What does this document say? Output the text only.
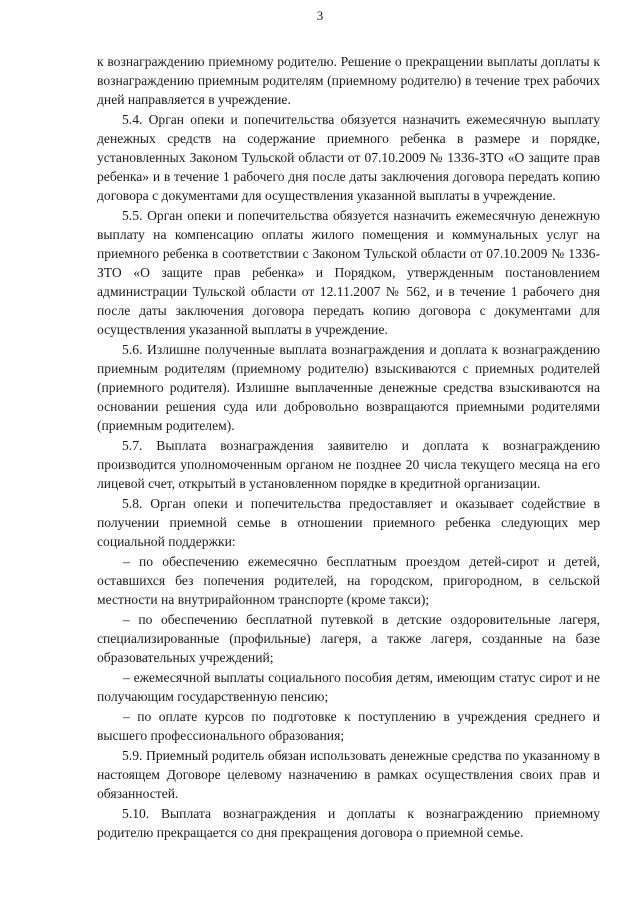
3

к вознаграждению приемному родителю. Решение о прекращении выплаты доплаты к вознаграждению приемным родителям (приемному родителю) в течение трех рабочих дней направляется в учреждение.

5.4. Орган опеки и попечительства обязуется назначить ежемесячную выплату денежных средств на содержание приемного ребенка в размере и порядке, установленных Законом Тульской области от 07.10.2009 № 1336-ЗТО «О защите прав ребенка» и в течение 1 рабочего дня после даты заключения договора передать копию договора с документами для осуществления указанной выплаты в учреждение.

5.5. Орган опеки и попечительства обязуется назначить ежемесячную денежную выплату на компенсацию оплаты жилого помещения и коммунальных услуг на приемного ребенка в соответствии с Законом Тульской области от 07.10.2009 № 1336-ЗТО «О защите прав ребенка» и Порядком, утвержденным постановлением администрации Тульской области от 12.11.2007 № 562, и в течение 1 рабочего дня после даты заключения договора передать копию договора с документами для осуществления указанной выплаты в учреждение.

5.6. Излишне полученные выплата вознаграждения и доплата к вознаграждению приемным родителям (приемному родителю) взыскиваются с приемных родителей (приемного родителя). Излишне выплаченные денежные средства взыскиваются на основании решения суда или добровольно возвращаются приемными родителями (приемным родителем).

5.7. Выплата вознаграждения заявителю и доплата к вознаграждению производится уполномоченным органом не позднее 20 числа текущего месяца на его лицевой счет, открытый в установленном порядке в кредитной организации.

5.8. Орган опеки и попечительства предоставляет и оказывает содействие в получении приемной семье в отношении приемного ребенка следующих мер социальной поддержки:

– по обеспечению ежемесячно бесплатным проездом детей-сирот и детей, оставшихся без попечения родителей, на городском, пригородном, в сельской местности на внутрирайонном транспорте (кроме такси);

– по обеспечению бесплатной путевкой в детские оздоровительные лагеря, специализированные (профильные) лагеря, а также лагеря, созданные на базе образовательных учреждений;

– ежемесячной выплаты социального пособия детям, имеющим статус сирот и не получающим государственную пенсию;

– по оплате курсов по подготовке к поступлению в учреждения среднего и высшего профессионального образования;

5.9. Приемный родитель обязан использовать денежные средства по указанному в настоящем Договоре целевому назначению в рамках осуществления своих прав и обязанностей.

5.10. Выплата вознаграждения и доплаты к вознаграждению приемному родителю прекращается со дня прекращения договора о приемной семье.
